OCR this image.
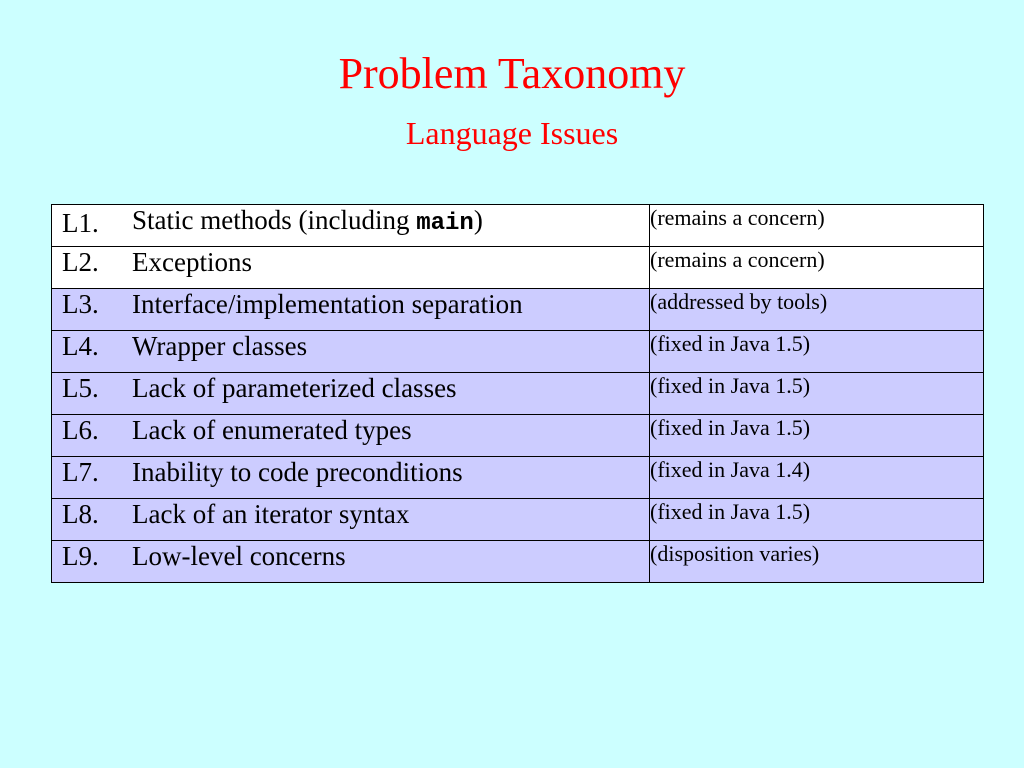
Problem Taxonomy
Language Issues
L1. Static methods (including main)	(remains a concern)
L2. Exceptions	(remains a concern)
L3. Interface/implementation separation	(addressed by tools)
L4. Wrapper classes	(fixed in Java 1.5)
L5. Lack of parameterized classes	(fixed in Java 1.5)
L6. Lack of enumerated types	(fixed in Java 1.5)
L7. Inability to code preconditions	(fixed in Java 1.4)
L8. Lack of an iterator syntax	(fixed in Java 1.5)
L9. Low-level concerns	(disposition varies)
